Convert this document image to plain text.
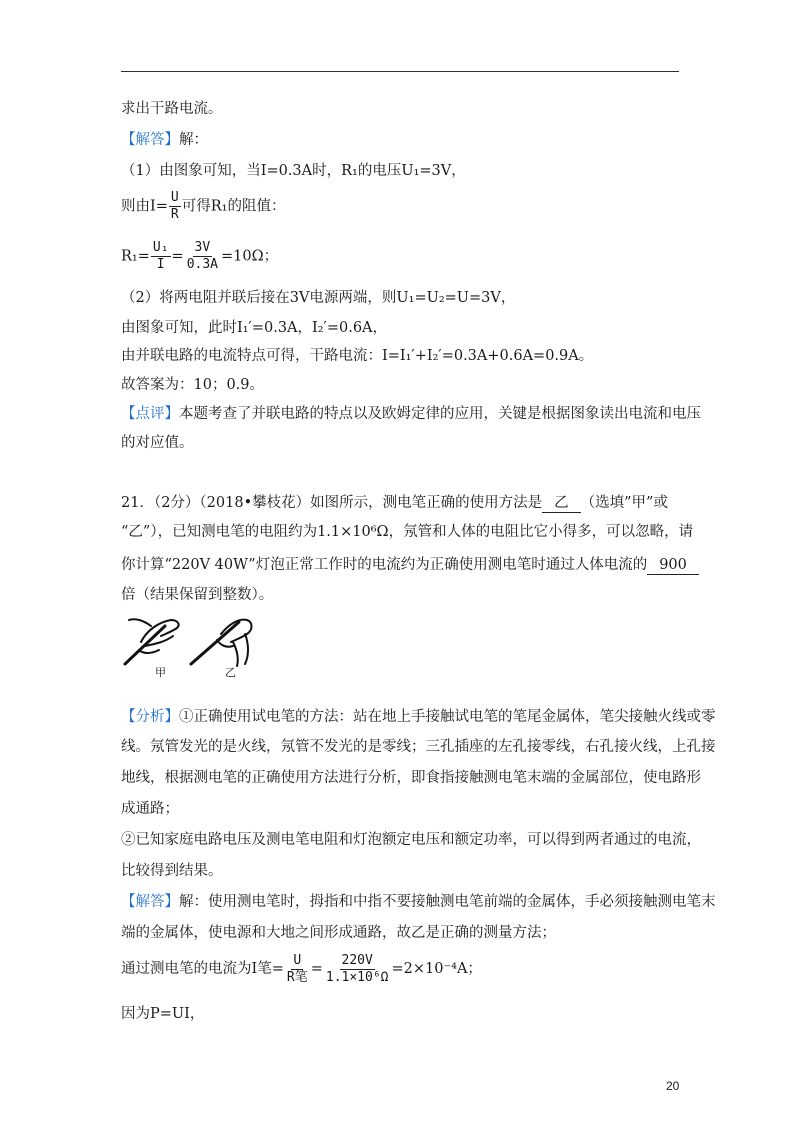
求出干路电流。
【解答】解：
（1）由图象可知，当I=0.3A时，R₁的电压U₁=3V，
则由$I= \frac{U}{R}$ 可得R₁的阻值：
$R_1= \frac{\text{U₁}}{I} = \frac{3V}{0.3A} =10\Omega$；
（2）将两电阻并联后接在3V电源两端，则U₁=U₂=U=3V，
由图象可知，此时I₁′=0.3A，I₂′=0.6A，
由并联电路的电流特点可得，干路电流：I=I₁′+I₂′=0.3A+0.6A=0.9A。
故答案为：10；0.9。
【点评】本题考查了并联电路的特点以及欧姆定律的应用，关键是根据图象读出电流和电压
的对应值。
21．（2分）（2018•攀枝花）如图所示，测电笔正确的使用方法是 乙 （选填”甲”或
“乙”），已知测电笔的电阻约为1.1×10⁶Ω，氖管和人体的电阻比它小得多，可以忽略，请
你计算“220V 40W”灯泡正常工作时的电流约为正确使用测电笔时通过人体电流的 900
倍（结果保留到整数）。
甲	乙
【分析】①正确使用试电笔的方法：站在地上手接触试电笔的笔尾金属体，笔尖接触火线或零
线。氖管发光的是火线，氖管不发光的是零线；三孔插座的左孔接零线，右孔接火线，上孔接
地线，根据测电笔的正确使用方法进行分析，即食指接触测电笔末端的金属部位，使电路形
成通路；
②已知家庭电路电压及测电笔电阻和灯泡额定电压和额定功率，可以得到两者通过的电流，
比较得到结果。
【解答】解：使用测电笔时，拇指和中指不要接触测电笔前端的金属体，手必须接触测电笔末
端的金属体，使电源和大地之间形成通路，故乙是正确的测量方法；
通过测电笔的电流为I笔= $\frac{U}{\text{R笔}} = \frac{220V}{\text{1.1×10⁶Ω}} =2\times 10^{-4}A$；
因为P=UI，
20
